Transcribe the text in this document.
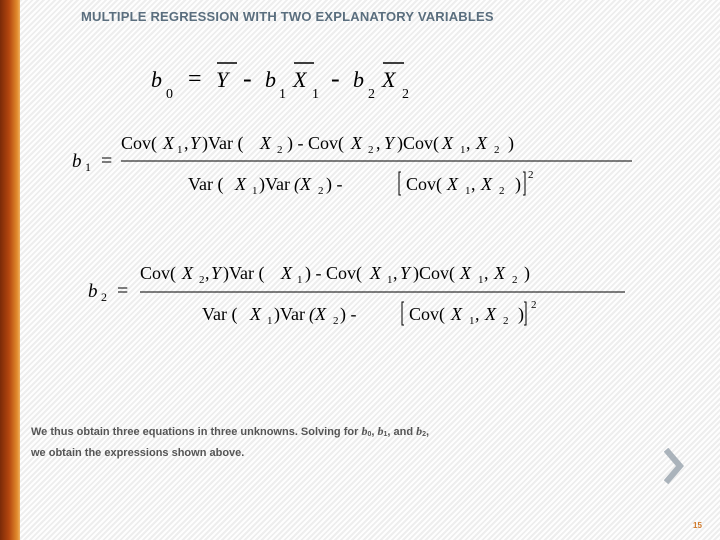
MULTIPLE REGRESSION WITH TWO EXPLANATORY VARIABLES
b
0
= Y - b
1
X
1
- b
2
X
2
b 1 =
Cov( X 1 , Y )Var ( X 2 ) - Cov( X 2 , Y )Cov( X 1 , X 2 )
Var ( X 1 )Var (X 2 ) -	Cov( X 1 , X 2 ) 2
b 2 =
Cov( X 2 , Y )Var ( X 1 ) - Cov( X 1 , Y )Cov( X 1 , X 2 )
Var ( X 1 )Var (X 2 ) -	Cov( X 1 , X 2 ) 2
We thus obtain three equations in three unknowns. Solving for $b_0$, $b_1$, and $b_2$,
we obtain the expressions shown above.
15
